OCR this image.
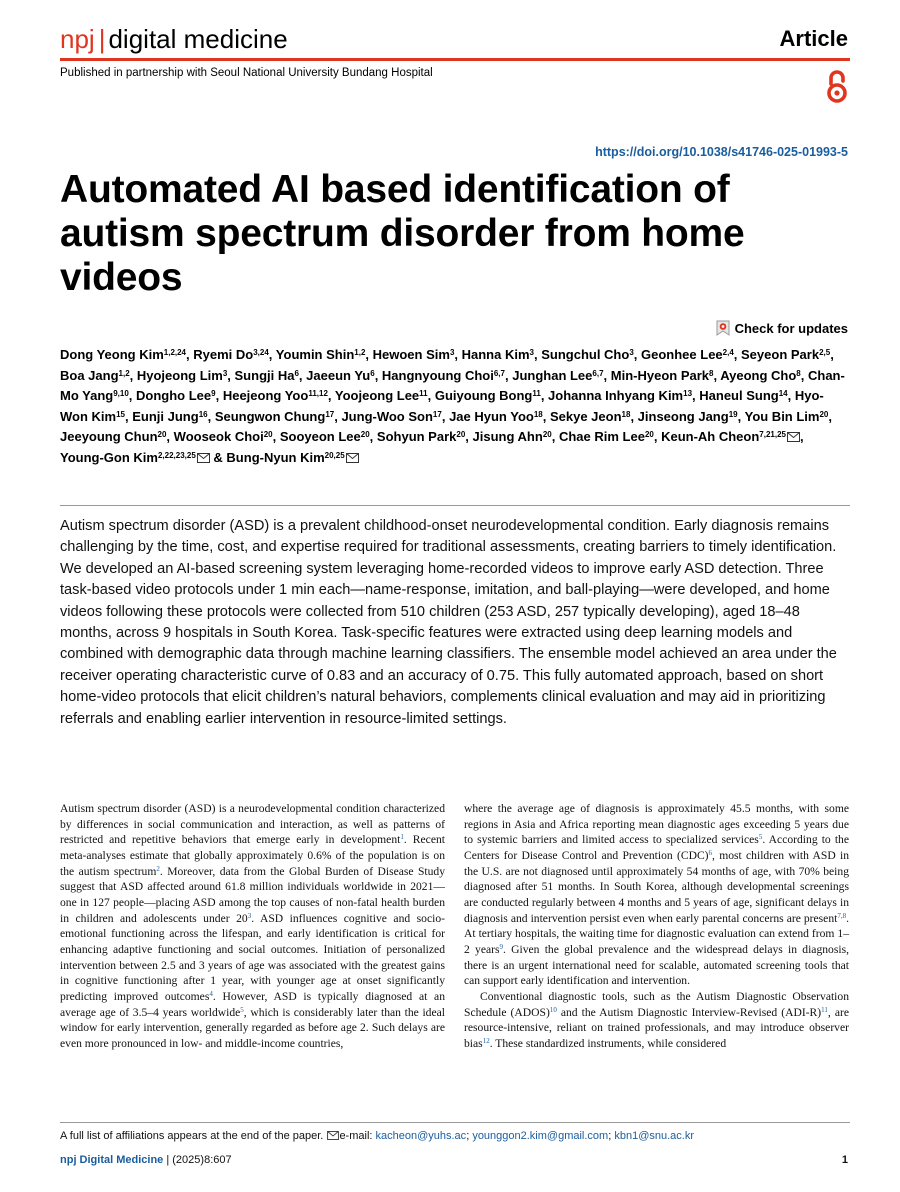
npj | digital medicine	Article
Published in partnership with Seoul National University Bundang Hospital
https://doi.org/10.1038/s41746-025-01993-5
Automated AI based identification of autism spectrum disorder from home videos
Check for updates
Dong Yeong Kim$^{1,2,24}$, Ryemi Do$^{3,24}$, Youmin Shin$^{1,2}$, Hewoen Sim$^3$, Hanna Kim$^3$, Sungchul Cho$^3$, Geonhee Lee$^{2,4}$, Seyeon Park$^{2,5}$, Boa Jang$^{1,2}$, Hyojeong Lim$^3$, Sungji Ha$^6$, Jaeeun Yu$^6$, Hangnyoung Choi$^{6,7}$, Junghan Lee$^{6,7}$, Min-Hyeon Park$^8$, Ayeong Cho$^8$, Chan-Mo Yang$^{9,10}$, Dongho Lee$^9$, Heejeong Yoo$^{11,12}$, Yoojeong Lee$^{11}$, Guiyoung Bong$^{11}$, Johanna Inhyang Kim$^{13}$, Haneul Sung$^{14}$, Hyo-Won Kim$^{15}$, Eunji Jung$^{16}$, Seungwon Chung$^{17}$, Jung-Woo Son$^{17}$, Jae Hyun Yoo$^{18}$, Sekye Jeon$^{18}$, Jinseong Jang$^{19}$, You Bin Lim$^{20}$, Jeeyoung Chun$^{20}$, Wooseok Choi$^{20}$, Sooyeon Lee$^{20}$, Sohyun Park$^{20}$, Jisung Ahn$^{20}$, Chae Rim Lee$^{20}$, Keun-Ah Cheon$^{7,21,25}$ , Young-Gon Kim$^{2,22,23,25}$ & Bung-Nyun Kim$^{20,25}$

Autism spectrum disorder (ASD) is a prevalent childhood-onset neurodevelopmental condition. Early diagnosis remains challenging by the time, cost, and expertise required for traditional assessments, creating barriers to timely identification. We developed an AI-based screening system leveraging home-recorded videos to improve early ASD detection. Three task-based video protocols under 1 min each—name-response, imitation, and ball-playing—were developed, and home videos following these protocols were collected from 510 children (253 ASD, 257 typically developing), aged 18–48 months, across 9 hospitals in South Korea. Task-specific features were extracted using deep learning models and combined with demographic data through machine learning classifiers. The ensemble model achieved an area under the receiver operating characteristic curve of 0.83 and an accuracy of 0.75. This fully automated approach, based on short home-video protocols that elicit children’s natural behaviors, complements clinical evaluation and may aid in prioritizing referrals and enabling earlier intervention in resource-limited settings.

Autism spectrum disorder (ASD) is a neurodevelopmental condition characterized by differences in social communication and interaction, as well as patterns of restricted and repetitive behaviors that emerge early in development$^1$. Recent meta-analyses estimate that globally approximately 0.6% of the population is on the autism spectrum$^2$. Moreover, data from the Global Burden of Disease Study suggest that ASD affected around 61.8 million individuals worldwide in 2021—one in 127 people—placing ASD among the top causes of non-fatal health burden in children and adolescents under $20^3$. ASD influences cognitive and socio-emotional functioning across the lifespan, and early identification is critical for enhancing adaptive functioning and social outcomes. Initiation of personalized intervention between 2.5 and 3 years of age was associated with the greatest gains in cognitive functioning after 1 year, with younger age at onset significantly predicting improved outcomes$^4$. However, ASD is typically diagnosed at an average age of 3.5–4 years worldwide$^5$, which is considerably later than the ideal window for early intervention, generally regarded as before age 2. Such delays are even more pronounced in low- and middle-income countries,

where the average age of diagnosis is approximately 45.5 months, with some regions in Asia and Africa reporting mean diagnostic ages exceeding 5 years due to systemic barriers and limited access to specialized services$^5$. According to the Centers for Disease Control and Prevention (CDC)$^6$, most children with ASD in the U.S. are not diagnosed until approximately 54 months of age, with 70% being diagnosed after 51 months. In South Korea, although developmental screenings are conducted regularly between 4 months and 5 years of age, significant delays in diagnosis and intervention persist even when early parental concerns are present$^{7,8}$. At tertiary hospitals, the waiting time for diagnostic evaluation can extend from 1–2 years$^9$. Given the global prevalence and the widespread delays in diagnosis, there is an urgent international need for scalable, automated screening tools that can support early identification and intervention.

Conventional diagnostic tools, such as the Autism Diagnostic Observation Schedule (ADOS)$^{10}$ and the Autism Diagnostic Interview-Revised $(ADI-R)^{11}$, are resource-intensive, reliant on trained professionals, and may introduce observer bias$^{12}$. These standardized instruments, while considered

A full list of affiliations appears at the end of the paper. e-mail: kacheon@yuhs.ac; younggon2.kim@gmail.com; kbn1@snu.ac.kr
npj Digital Medicine | (2025)8:607	1
